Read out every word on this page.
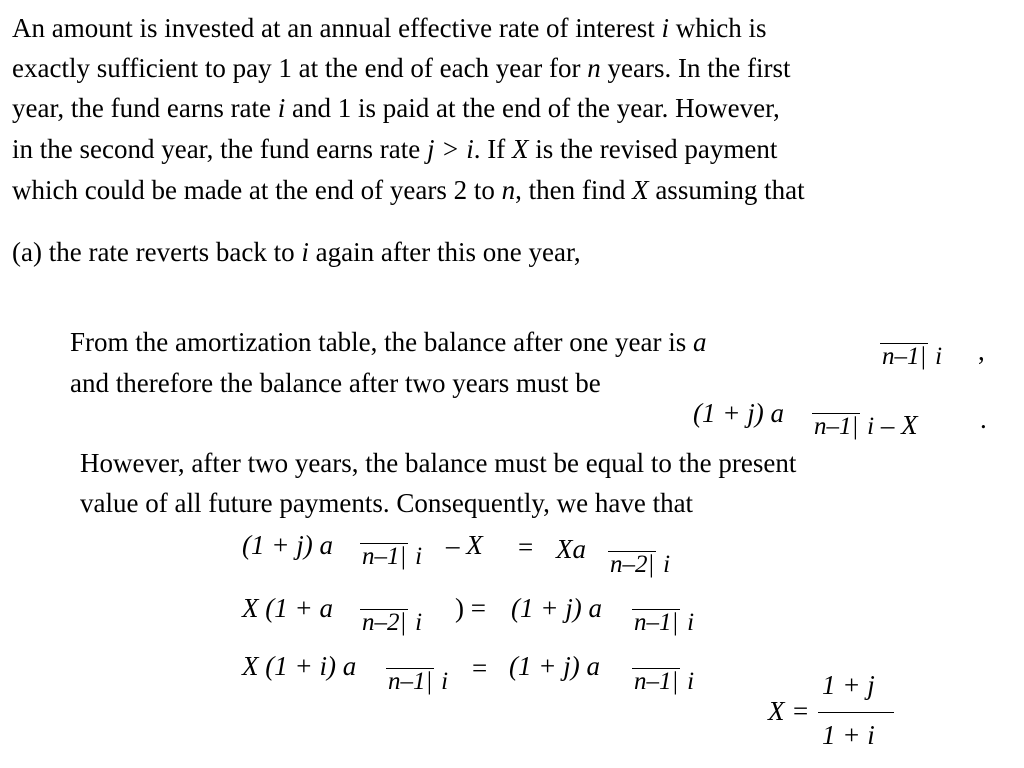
An amount is invested at an annual effective rate of interest i which is
exactly sufficient to pay 1 at the end of each year for n years. In the first
year, the fund earns rate i and 1 is paid at the end of the year. However,
in the second year, the fund earns rate j > i. If X is the revised payment
which could be made at the end of years 2 to n, then find X assuming that
(a) the rate reverts back to i again after this one year,
From the amortization table, the balance after one year is a	n–1| i ,
and therefore the balance after two years must be
(1 + j) a n–1| i – X .
However, after two years, the balance must be equal to the present
value of all future payments. Consequently, we have that
(1 + j) a n–1| i – X = Xa
n–2| i
X (1 + a n–2| i ) = (1 + j) a n–1| i
X (1 + i) a
n–1| i = (1 + j) a
n–1| i
X =
1 + j
1 + i
